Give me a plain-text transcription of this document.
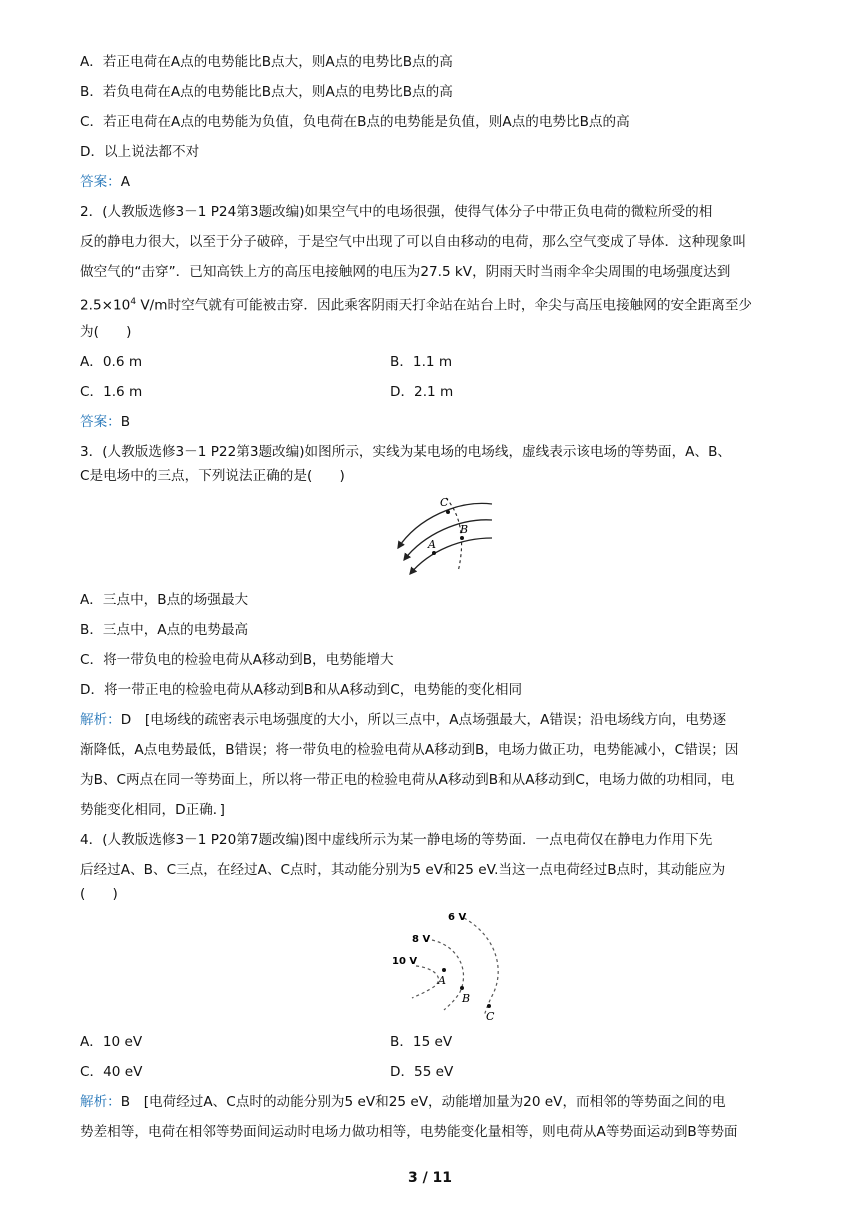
A．若正电荷在A点的电势能比B点大，则A点的电势比B点的高
B．若负电荷在A点的电势能比B点大，则A点的电势比B点的高
C．若正电荷在A点的电势能为负值，负电荷在B点的电势能是负值，则A点的电势比B点的高
D．以上说法都不对
答案：A
2．(人教版选修3－1 P24第3题改编)如果空气中的电场很强，使得气体分子中带正负电荷的微粒所受的相
反的静电力很大，以至于分子破碎，于是空气中出现了可以自由移动的电荷，那么空气变成了导体．这种现象叫
做空气的“击穿”．已知高铁上方的高压电接触网的电压为27.5 kV，阴雨天时当雨伞伞尖周围的电场强度达到
$2.5\times 10^4$ V/m时空气就有可能被击穿．因此乘客阴雨天打伞站在站台上时，伞尖与高压电接触网的安全距离至少
为(　　)
A．0.6 m	B．1.1 m
C．1.6 m	D．2.1 m
答案：B
3．(人教版选修3－1 P22第3题改编)如图所示，实线为某电场的电场线，虚线表示该电场的等势面，A、B、
C是电场中的三点，下列说法正确的是(　　)
C
B
A
A．三点中，B点的场强最大
B．三点中，A点的电势最高
C．将一带负电的检验电荷从A移动到B，电势能增大
D．将一带正电的检验电荷从A移动到B和从A移动到C，电势能的变化相同
解析：D　[电场线的疏密表示电场强度的大小，所以三点中，A点场强最大，A错误；沿电场线方向，电势逐
渐降低，A点电势最低，B错误；将一带负电的检验电荷从A移动到B，电场力做正功，电势能减小，C错误；因
为B、C两点在同一等势面上，所以将一带正电的检验电荷从A移动到B和从A移动到C，电场力做的功相同，电
势能变化相同，D正确．]
4．(人教版选修3－1 P20第7题改编)图中虚线所示为某一静电场的等势面．一点电荷仅在静电力作用下先
后经过A、B、C三点，在经过A、C点时，其动能分别为5 eV和25 eV.当这一点电荷经过B点时，其动能应为
(　　)
6 V
8 V
10 V
A
B
C
A．10 eV	B．15 eV
C．40 eV	D．55 eV
解析：B　[电荷经过A、C点时的动能分别为5 eV和25 eV，动能增加量为20 eV，而相邻的等势面之间的电
势差相等，电荷在相邻等势面间运动时电场力做功相等，电势能变化量相等，则电荷从A等势面运动到B等势面
3 / 11
